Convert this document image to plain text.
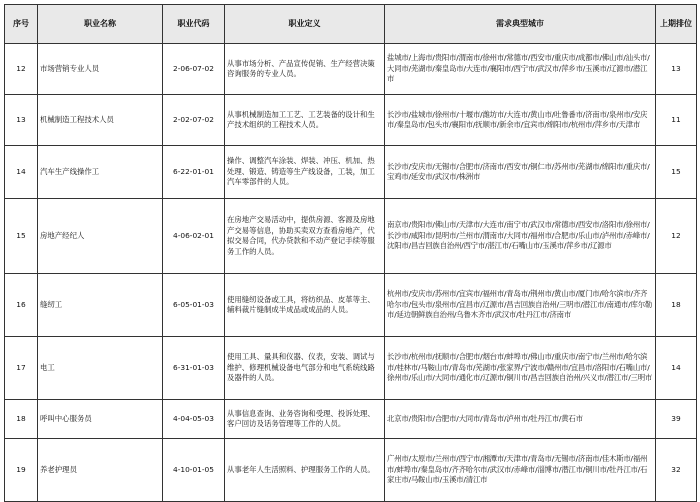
序号	职业名称	职业代码	职业定义	需求典型城市	上期排位
12	市场营销专业人员	2-06-07-02	从事市场分析、产品宣传促销、生产经营决策咨询服务的专业人员。	盐城市/上海市/贵阳市/渭南市/徐州市/常德市/西安市/重庆市/成都市/佛山市/汕头市/大同市/芜湖市/秦皇岛市/大连市/襄阳市/西宁市/武汉市/萍乡市/玉溪市/辽源市/潜江市	13
13	机械制造工程技术人员	2-02-07-02	从事机械制造加工工艺、工艺装备的设计和生产技术组织的工程技术人员。	长沙市/盐城市/徐州市/十堰市/潍坊市/大连市/黄山市/吐鲁番市/济南市/泉州市/安庆市/秦皇岛市/包头市/襄阳市/抚顺市/新余市/宜宾市/绵阳市/杭州市/萍乡市/天津市	11
14	汽车生产线操作工	6-22-01-01	操作、调整汽车涂装、焊装、冲压、机加、热处理、锻造、铸造等生产线设备，工装，加工汽车零部件的人员。	长沙市/安庆市/无锡市/合肥市/济南市/西安市/铜仁市/苏州市/芜湖市/绵阳市/重庆市/宝鸡市/延安市/武汉市/株洲市	15
15	房地产经纪人	4-06-02-01	在房地产交易活动中，提供房源、客源及房地产交易等信息，协助买卖双方查看房地产，代拟交易合同，代办贷款和不动产登记手续等服务工作的人员。	南京市/贵阳市/佛山市/天津市/大连市/南宁市/武汉市/常德市/西安市/洛阳市/徐州市/长沙市/咸阳市/昆明市/兰州市/渭南市/大同市/福州市/合肥市/乐山市/泸州市/赤峰市/沈阳市/昌吉回族自治州/西宁市/湛江市/石嘴山市/玉溪市/萍乡市/辽源市	12
16	缝纫工	6-05-01-03	使用缝纫设备或工具，将纺织品、皮革等主、辅料裁片缝制成半成品或成品的人员。	杭州市/安庆市/苏州市/宜宾市/福州市/青岛市/荆州市/黄山市/厦门市/哈尔滨市/齐齐哈尔市/包头市/泉州市/宜昌市/辽源市/昌吉回族自治州/三明市/潜江市/南通市/库尔勒市/延边朝鲜族自治州/乌鲁木齐市/武汉市/牡丹江市/济南市	18
17	电工	6-31-01-03	使用工具、量具和仪器、仪表，安装、调试与维护、修理机械设备电气部分和电气系统线路及器件的人员。	长沙市/杭州市/抚顺市/合肥市/烟台市/蚌埠市/佛山市/重庆市/南宁市/兰州市/哈尔滨市/桂林市/马鞍山市/青岛市/芜湖市/张家界/宁波市/赣州市/宜昌市/洛阳市/石嘴山市/徐州市/乐山市/大同市/通化市/辽源市/铜川市/昌吉回族自治州/兴义市/潜江市/三明市	14
18	呼叫中心服务员	4-04-05-03	从事信息查询、业务咨询和受理、投诉处理、客户回访及话务管理等工作的人员。	北京市/贵阳市/合肥市/大同市/青岛市/泸州市/牡丹江市/黄石市	39
19	养老护理员	4-10-01-05	从事老年人生活照料、护理服务工作的人员。	广州市/太原市/兰州市/西宁市/湘潭市/天津市/青岛市/无锡市/济南市/佳木斯市/福州市/蚌埠市/秦皇岛市/齐齐哈尔市/武汉市/赤峰市/淄博市/潜江市/铜川市/牡丹江市/石家庄市/马鞍山市/玉溪市/清江市	32
